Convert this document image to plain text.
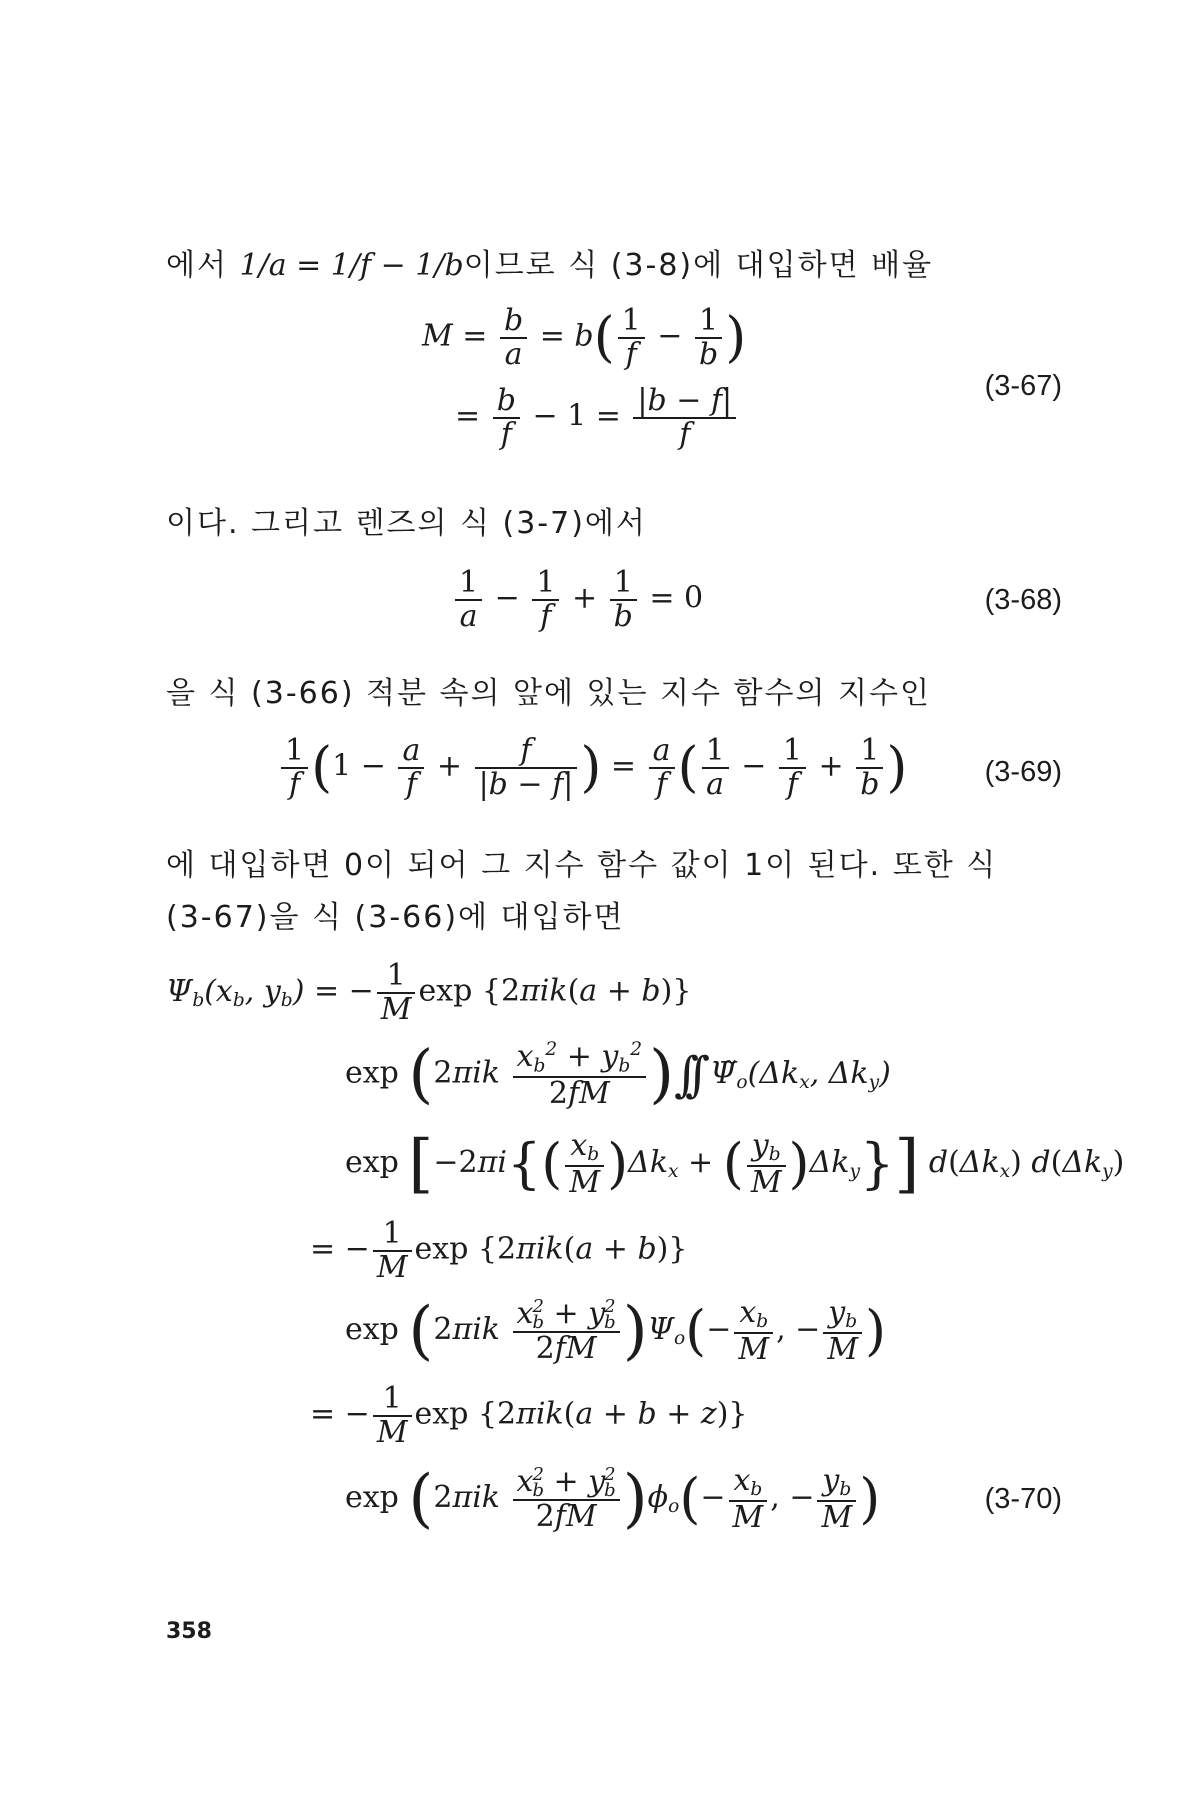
에서 1/a = 1/f − 1/b이므로 식 (3-8)에 대입하면 배율
$M = \frac{b}{a} = b( \frac{1}{f} - \frac{1}{b}$ )
= $\frac{b}{f} - 1 = \frac{|b - f|}{f}$	(3-67)
이다. 그리고 렌즈의 식 (3-7)에서
$\frac{1}{a} - \frac{1}{f} + \frac{1}{b} = 0$	(3-68)
을 식 (3-66) 적분 속의 앞에 있는 지수 함수의 지수인
$\frac{1}{f} (1 - \frac{a}{f} + \frac{f}{|b - f|}$ ) = $\frac{a}{f}$ ( $\frac{1}{a} - \frac{1}{f} + \frac{1}{b}$ )	(3-69)
에 대입하면 0이 되어 그 지수 함수 값이 1이 된다. 또한 식
(3-67)을 식 (3-66)에 대입하면
$\Psi_b(x_b$, $y_b$) = − $\frac{1}{M}$ exp {2πik(a + b)}
$\exp (2\pi ik \frac{x_b^2 + y_b^2}{2fM}$ )∫∫ $\Psĩ_o(\Delta k_x$, $\Delta k_y$)
$\exp [-2\pi i\{( \frac{x_b}{M} )\Delta k_x$ + ( $\frac{y_b}{M} )\Delta k_y$}] $d(\Delta k_x)$ $d(\Delta k_y)$
= − $\frac{1}{M}$ exp {2πik(a + b)}
exp (2πik x 2
b + y 2
b
2fM )$\Psi_o(- \frac{x_b}{M}$ , − $\frac{y_b}{M}$ )
= − $\frac{1}{M}$ exp {2πik(a + b + z)}
exp (2πik x 2
b + y 2
b
2fM )$\phi_o(- \frac{x_b}{M}$ , − $\frac{y_b}{M}$ )	(3-70)
358
